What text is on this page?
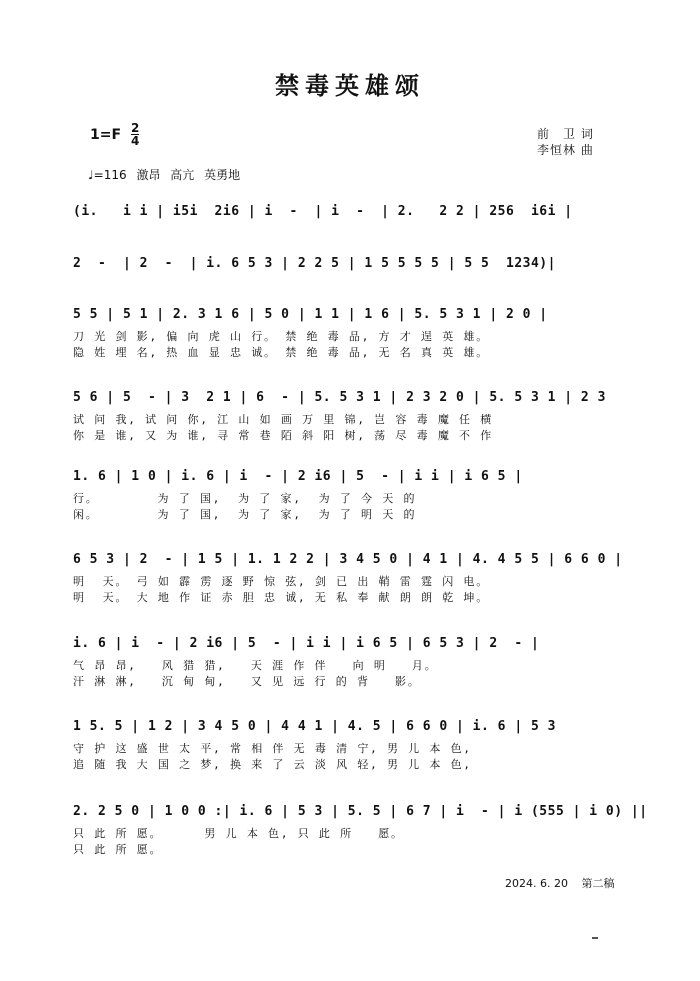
禁毒英雄颂
1=F 2
4	前　卫 词
李恒林 曲
♩=116 激昂 高亢 英勇地
(i.   i i | i5i  2i6 | i  -  | i  -  | 2.   2 2 | 256  i6i |
2  -  | 2  -  | i. 6 5 3 | 2 2 5 | 1 5 5 5 5 | 5 5  1234)|
5 5 | 5 1 | 2. 3 1 6 | 5 0 | 1 1 | 1 6 | 5. 5 3 1 | 2 0 |
刀 光 剑 影, 偏 向 虎 山 行。 禁 绝 毒 品, 方 才 逞 英 雄。
隐 姓 埋 名, 热 血 显 忠 诚。 禁 绝 毒 品, 无 名 真 英 雄。
5 6 | 5  - | 3  2 1 | 6  - | 5. 5 3 1 | 2 3 2 0 | 5. 5 3 1 | 2 3
试 问 我, 试 问 你, 江 山 如 画 万 里 锦, 岂 容 毒 魔 任 横
你 是 谁, 又 为 谁, 寻 常 巷 陌 斜 阳 树, 荡 尽 毒 魔 不 作
1. 6 | 1 0 | i. 6 | i  - | 2 i6 | 5  - | i i | i 6 5 |
行。       为 了 国,  为 了 家,  为 了 今 天 的
闲。       为 了 国,  为 了 家,  为 了 明 天 的
6 5 3 | 2  - | 1 5 | 1. 1 2 2 | 3 4 5 0 | 4 1 | 4. 4 5 5 | 6 6 0 |
明  天。 弓 如 霹 雳 逐 野 惊 弦, 剑 已 出 鞘 雷 霆 闪 电。
明  天。 大 地 作 证 赤 胆 忠 诚, 无 私 奉 献 朗 朗 乾 坤。
i. 6 | i  - | 2 i6 | 5  - | i i | i 6 5 | 6 5 3 | 2  - |
气 昂 昂,   风 猎 猎,   天 涯 作 伴   向 明   月。
汗 淋 淋,   沉 甸 甸,   又 见 远 行 的 背   影。
1 5. 5 | 1 2 | 3 4 5 0 | 4 4 1 | 4. 5 | 6 6 0 | i. 6 | 5 3
守 护 这 盛 世 太 平, 常 相 伴 无 毒 清 宁, 男 儿 本 色,
追 随 我 大 国 之 梦, 换 来 了 云 淡 风 轻, 男 儿 本 色,
2. 2 5 0 | 1 0 0 :| i. 6 | 5 3 | 5. 5 | 6 7 | i  - | i (555 | i 0) ||
只 此 所 愿。     男 儿 本 色, 只 此 所   愿。
只 此 所 愿。
2024. 6. 20 第二稿
